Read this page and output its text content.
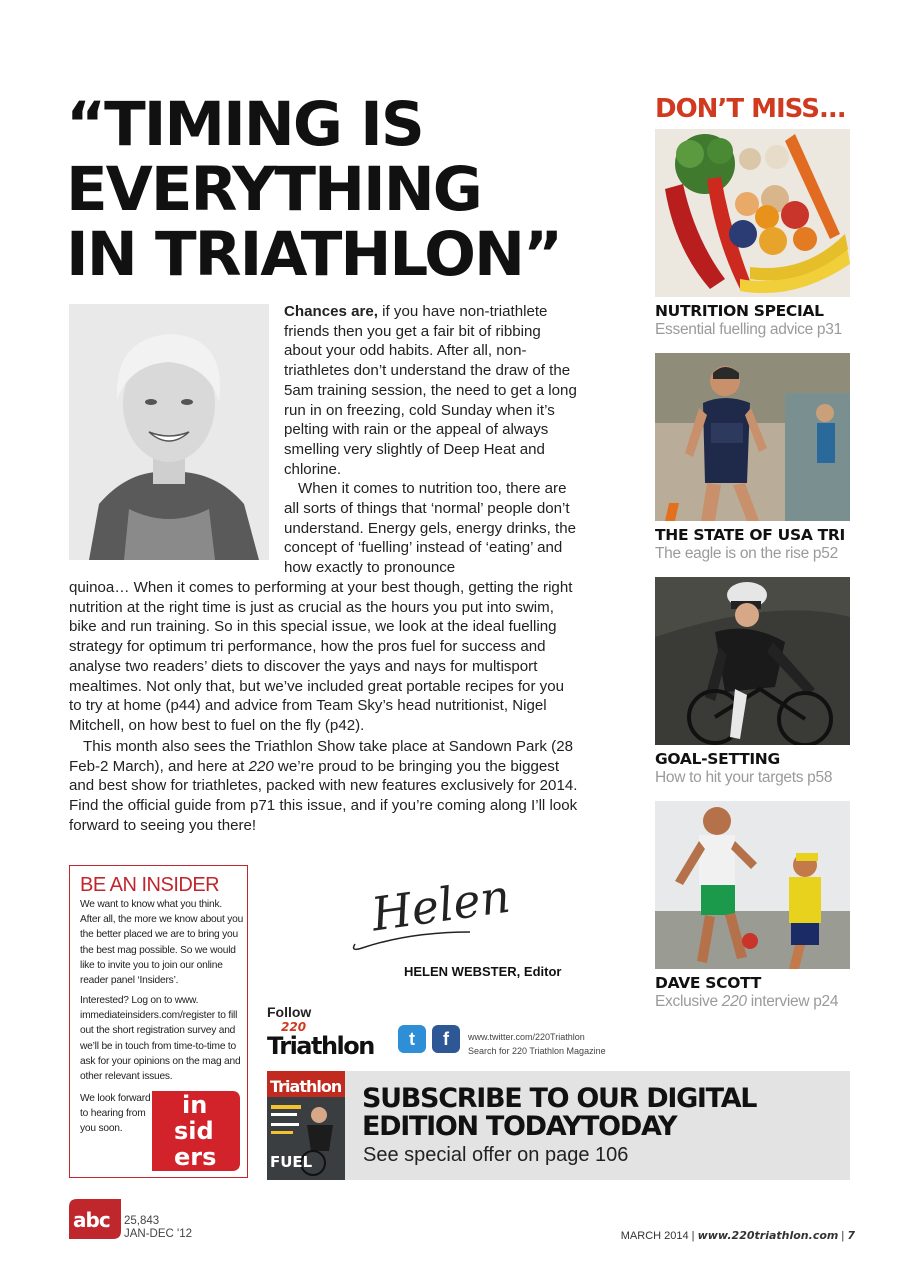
“TIMING IS
EVERYTHING
IN TRIATHLON”
Chances are, if you have non-triathlete friends then you get a fair bit of ribbing about your odd habits. After all, non-triathletes don’t understand the draw of the 5am training session, the need to get a long run in on freezing, cold Sunday when it’s pelting with rain or the appeal of always smelling very slightly of Deep Heat and chlorine.
When it comes to nutrition too, there are all sorts of things that ‘normal’ people don’t understand. Energy gels, energy drinks, the concept of ‘fuelling’ instead of ‘eating’ and how exactly to pronounce
quinoa… When it comes to performing at your best though, getting the right nutrition at the right time is just as crucial as the hours you put into swim, bike and run training. So in this special issue, we look at the ideal fuelling strategy for optimum tri performance, how the pros fuel for success and analyse two readers’ diets to discover the yays and nays for multisport mealtimes. Not only that, but we’ve included great portable recipes for you to try at home (p44) and advice from Team Sky’s head nutritionist, Nigel Mitchell, on how best to fuel on the fly (p42).
This month also sees the Triathlon Show take place at Sandown Park (28 Feb-2 March), and here at 220 we’re proud to be bringing you the biggest and best show for triathletes, packed with new features exclusively for 2014. Find the official guide from p71 this issue, and if you’re coming along I’ll look forward to seeing you there!
DON’T MISS...
NUTRITION SPECIAL
Essential fuelling advice p31
THE STATE OF USA TRI
The eagle is on the rise p52
GOAL-SETTING
How to hit your targets p58
DAVE SCOTT
Exclusive 220 interview p24
BE AN INSIDER
We want to know what you think. After all, the more we know about you the better placed we are to bring you the best mag possible. So we would like to invite you to join our online reader panel ‘Insiders’.
Interested? Log on to www. immediateinsiders.com/register to fill out the short registration survey and we’ll be in touch from time-to-time to ask for your opinions on the mag and other relevant issues.
We look forward to hearing from you soon.
in
sid
ers
Helen
HELEN WEBSTER, Editor
Follow
220
Triathlon	t	f	www.twitter.com/220Triathlon
Search for 220 Triathlon Magazine
Triathlon
FUEL
SUBSCRIBE TO OUR DIGITAL
EDITION TODAYTODAY
See special offer on page 106
abc 25,843
JAN-DEC '12	MARCH 2014 | www.220triathlon.com | 7
